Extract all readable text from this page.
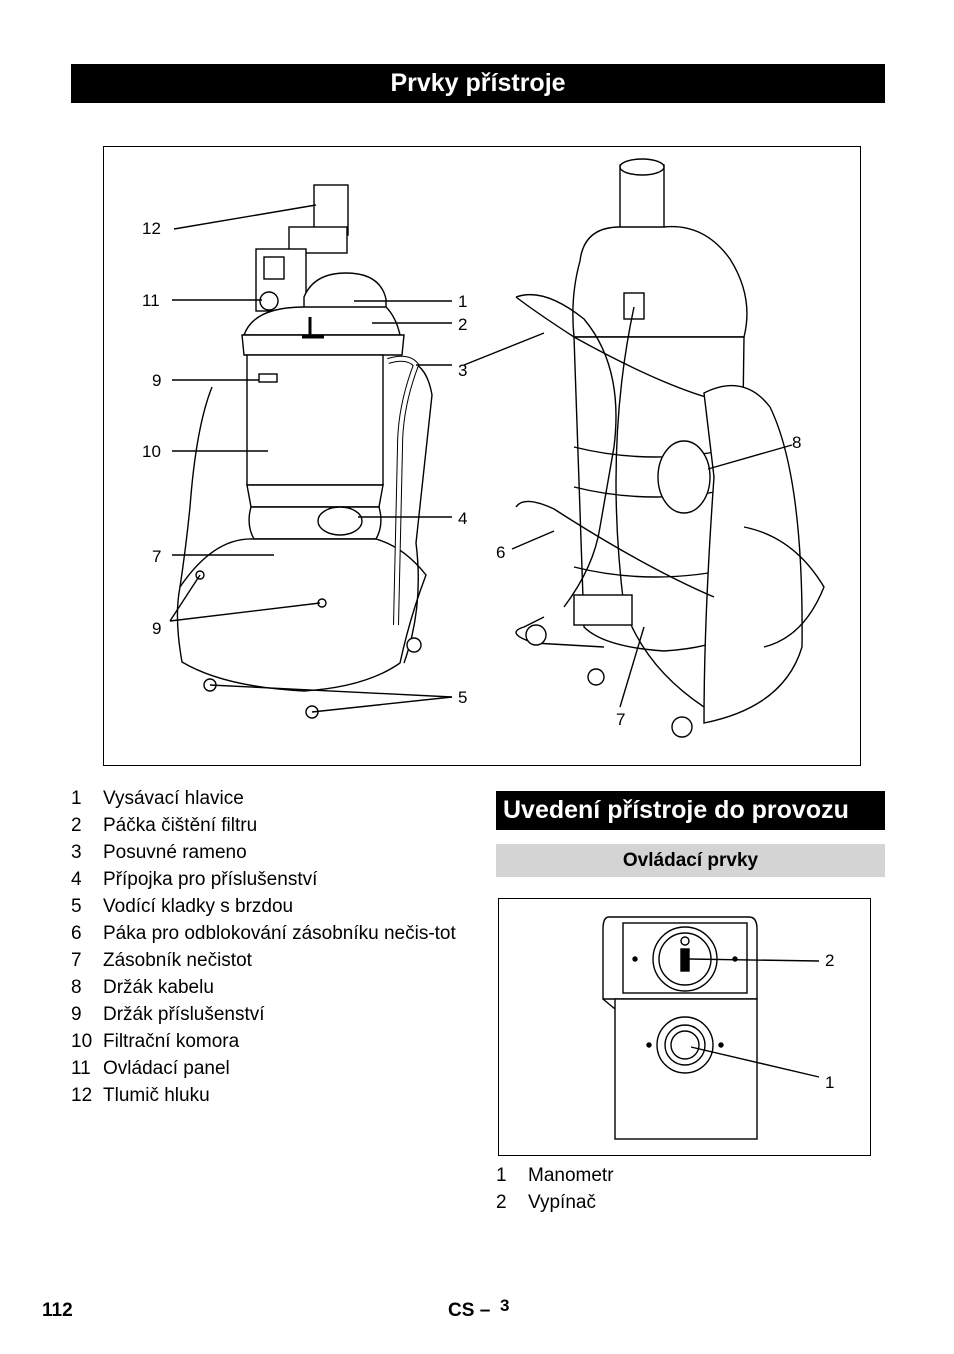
Prvky přístroje
12
11
9
10
7
9
1
2
3
4
5
6
8
7
1	Vysávací hlavice
2	Páčka čištění filtru
3	Posuvné rameno
4	Přípojka pro příslušenství
5	Vodící kladky s brzdou
6	Páka pro odblokování zásobníku nečis-tot
7	Zásobník nečistot
8	Držák kabelu
9	Držák příslušenství
10 Filtrační komora
11 Ovládací panel
12 Tlumič hluku
Uvedení přístroje do provozu
Ovládací prvky
2
1
1	Manometr
2	Vypínač
112	CS – 3
